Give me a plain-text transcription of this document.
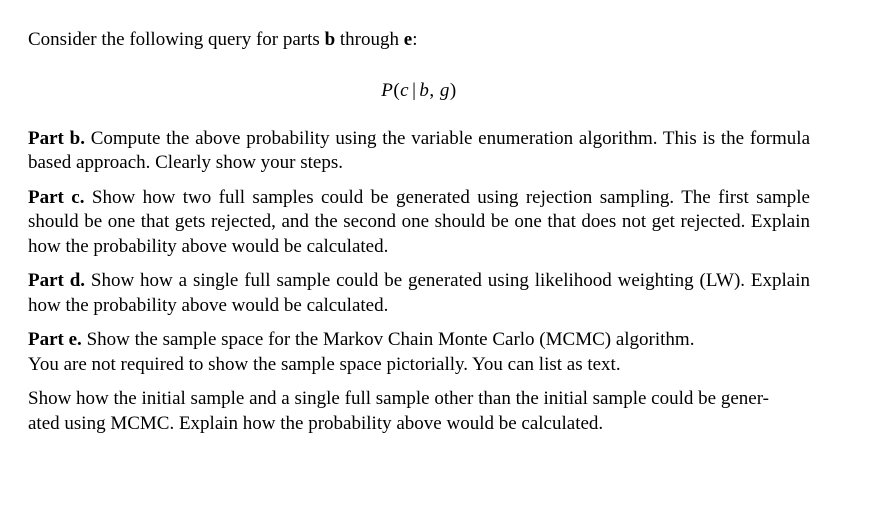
Consider the following query for parts b through e:

P(c | b, g)

Part b. Compute the above probability using the variable enumeration algorithm. This is the formula based approach. Clearly show your steps.

Part c. Show how two full samples could be generated using rejection sampling. The first sample should be one that gets rejected, and the second one should be one that does not get rejected. Explain how the probability above would be calculated.

Part d. Show how a single full sample could be generated using likelihood weighting (LW). Explain how the probability above would be calculated.

Part e. Show the sample space for the Markov Chain Monte Carlo (MCMC) algorithm.
You are not required to show the sample space pictorially. You can list as text.

Show how the initial sample and a single full sample other than the initial sample could be gener-
ated using MCMC. Explain how the probability above would be calculated.
